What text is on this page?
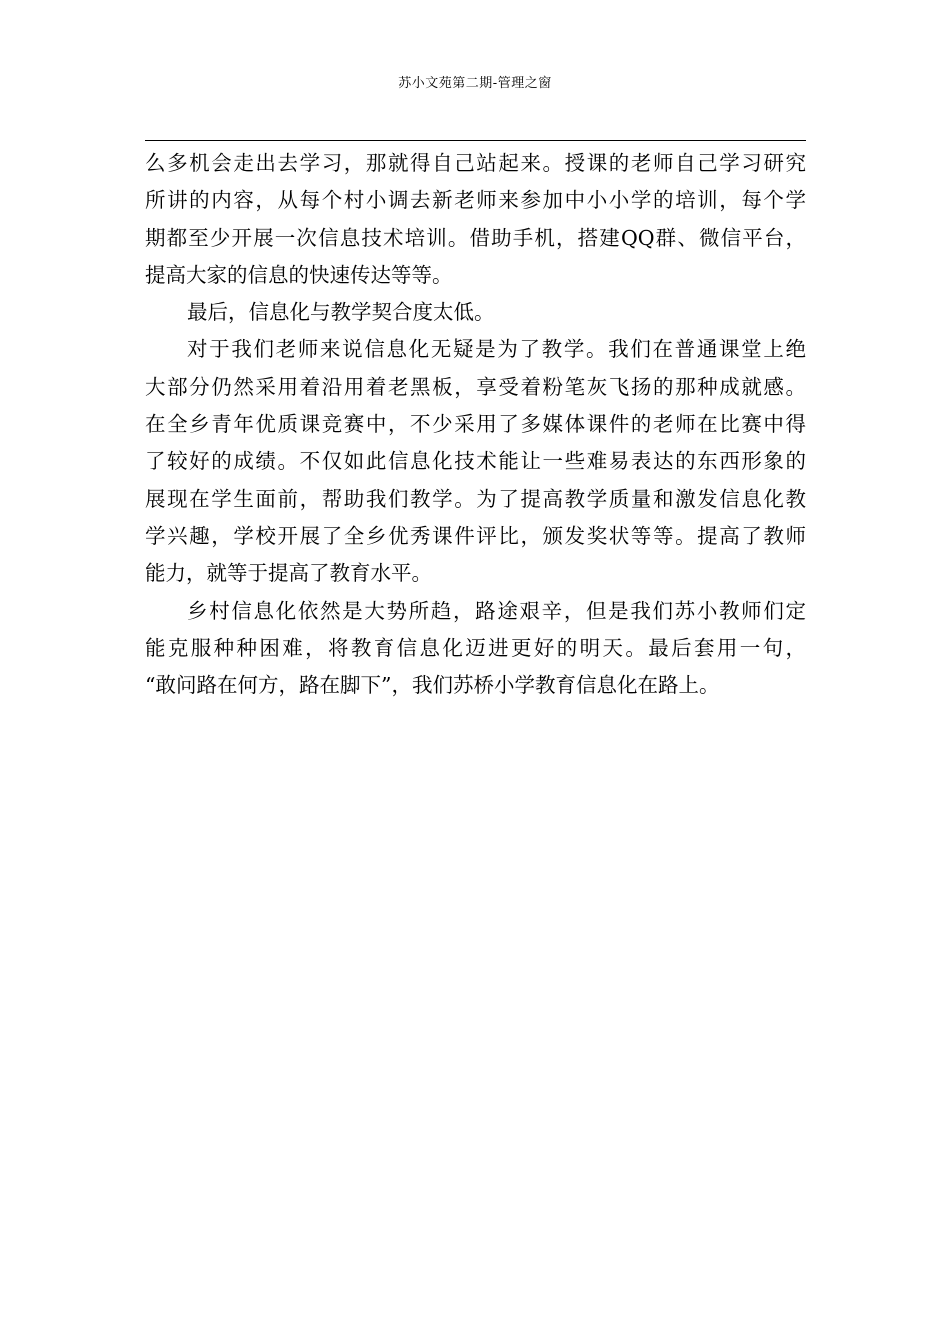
苏小文苑第二期-管理之窗
么多机会走出去学习，那就得自己站起来。授课的老师自己学习研究
所讲的内容，从每个村小调去新老师来参加中小小学的培训，每个学
期都至少开展一次信息技术培训。借助手机，搭建QQ群、微信平台，
提高大家的信息的快速传达等等。
最后，信息化与教学契合度太低。
对于我们老师来说信息化无疑是为了教学。我们在普通课堂上绝
大部分仍然采用着沿用着老黑板，享受着粉笔灰飞扬的那种成就感。
在全乡青年优质课竞赛中，不少采用了多媒体课件的老师在比赛中得
了较好的成绩。不仅如此信息化技术能让一些难易表达的东西形象的
展现在学生面前，帮助我们教学。为了提高教学质量和激发信息化教
学兴趣，学校开展了全乡优秀课件评比，颁发奖状等等。提高了教师
能力，就等于提高了教育水平。
乡村信息化依然是大势所趋，路途艰辛，但是我们苏小教师们定
能克服种种困难，将教育信息化迈进更好的明天。最后套用一句，
“敢问路在何方，路在脚下”，我们苏桥小学教育信息化在路上。
